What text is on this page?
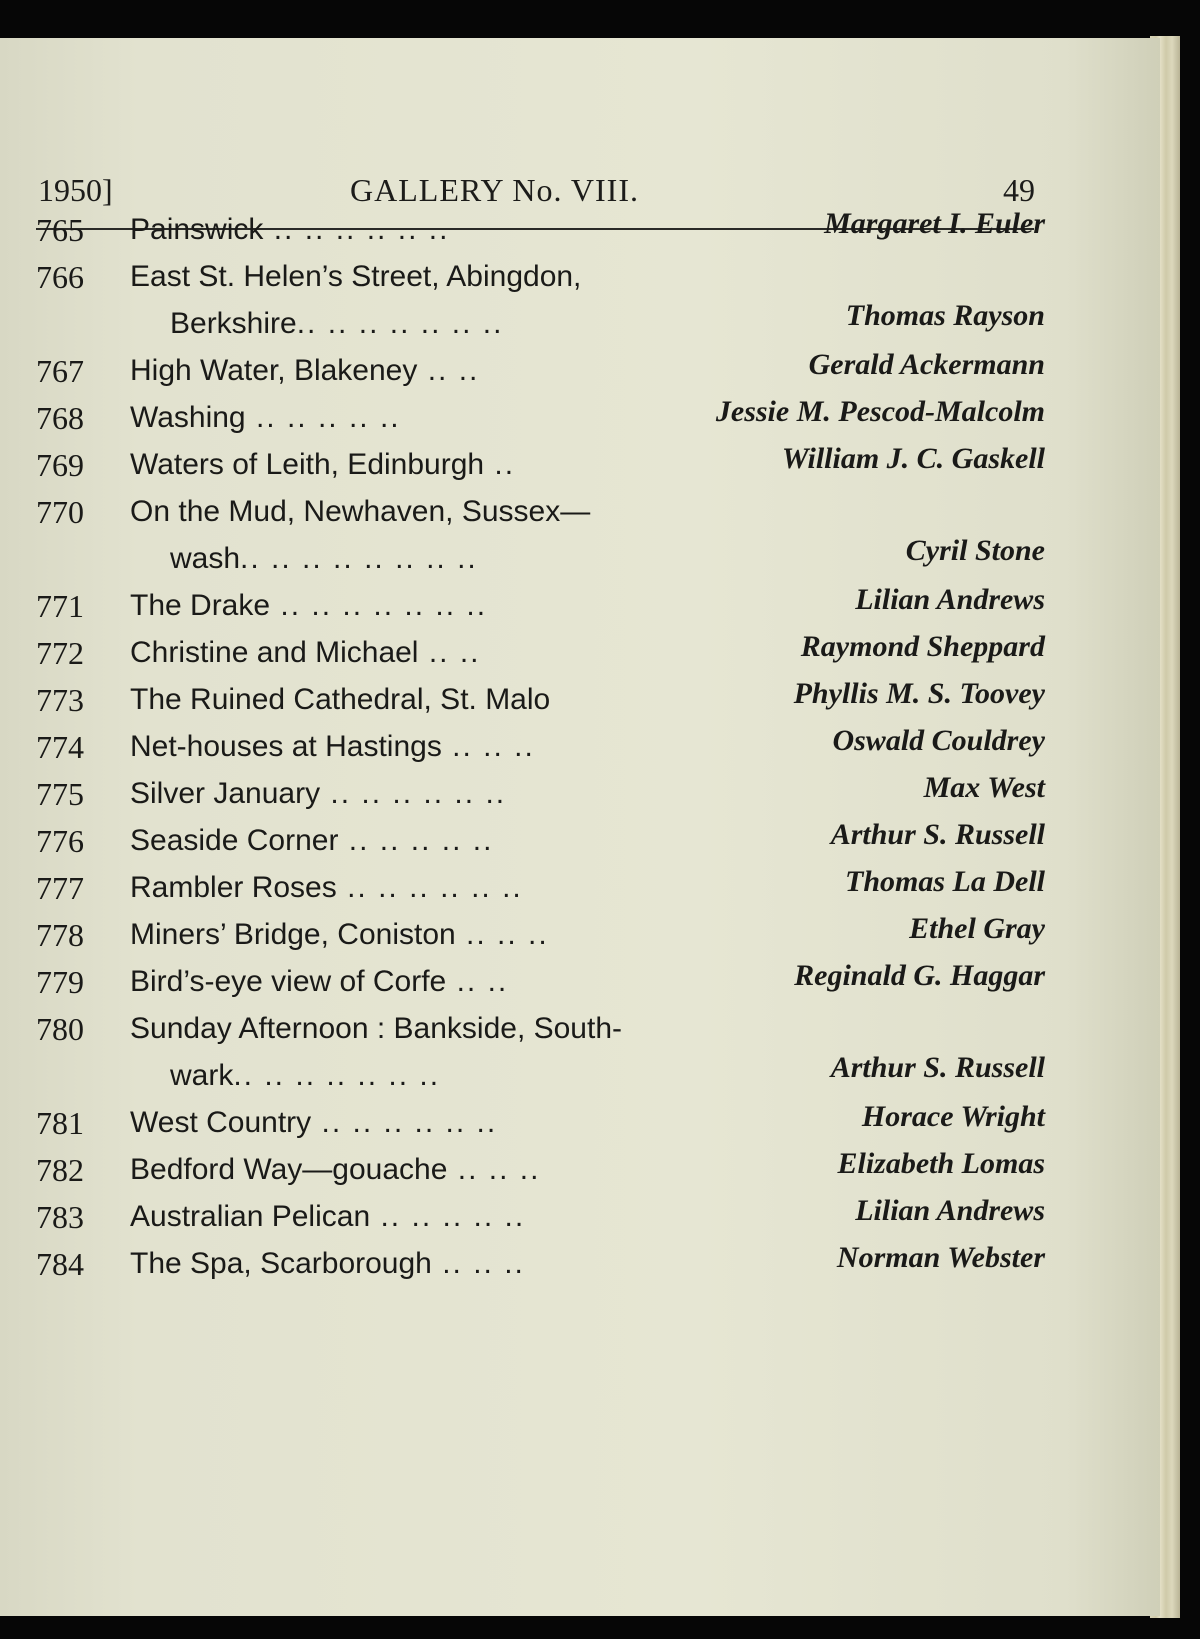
1950]	GALLERY No. VIII.	49
765 Painswick .. .. .. .. .. ..	Margaret I. Euler
766 East St. Helen’s Street, Abingdon,
Berkshire.. .. .. .. .. .. ..	Thomas Rayson
767 High Water, Blakeney .. ..	Gerald Ackermann
768 Washing .. .. .. .. ..	Jessie M. Pescod-Malcolm
769 Waters of Leith, Edinburgh ..	William J. C. Gaskell
770 On the Mud, Newhaven, Sussex—
wash.. .. .. .. .. .. .. ..	Cyril Stone
771 The Drake .. .. .. .. .. .. ..	Lilian Andrews
772 Christine and Michael .. ..	Raymond Sheppard
773 The Ruined Cathedral, St. Malo	Phyllis M. S. Toovey
774 Net-houses at Hastings .. .. ..	Oswald Couldrey
775 Silver January .. .. .. .. .. ..	Max West
776 Seaside Corner .. .. .. .. ..	Arthur S. Russell
777 Rambler Roses .. .. .. .. .. ..	Thomas La Dell
778 Miners’ Bridge, Coniston .. .. ..	Ethel Gray
779 Bird’s-eye view of Corfe .. ..	Reginald G. Haggar
780 Sunday Afternoon : Bankside, South-
wark.. .. .. .. .. .. ..	Arthur S. Russell
781 West Country .. .. .. .. .. ..	Horace Wright
782 Bedford Way—gouache .. .. ..	Elizabeth Lomas
783 Australian Pelican .. .. .. .. ..	Lilian Andrews
784 The Spa, Scarborough .. .. ..	Norman Webster
